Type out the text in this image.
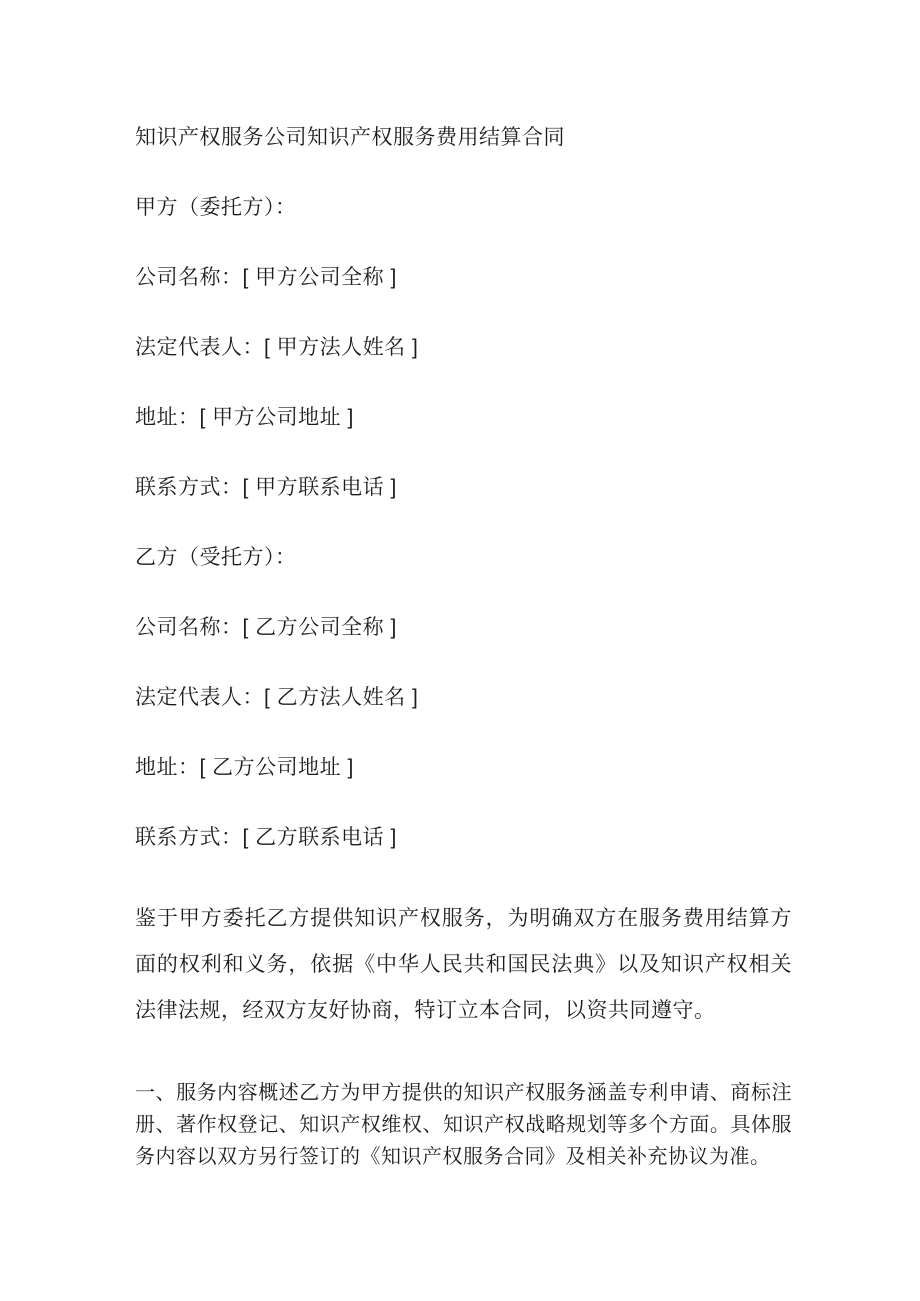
知识产权服务公司知识产权服务费用结算合同

甲方（委托方）：

公司名称：[ 甲方公司全称 ]

法定代表人：[ 甲方法人姓名 ]

地址：[ 甲方公司地址 ]

联系方式：[ 甲方联系电话 ]

乙方（受托方）：

公司名称：[ 乙方公司全称 ]

法定代表人：[ 乙方法人姓名 ]

地址：[ 乙方公司地址 ]

联系方式：[ 乙方联系电话 ]

鉴于甲方委托乙方提供知识产权服务，为明确双方在服务费用结算方面的权利和义务，依据《中华人民共和国民法典》以及知识产权相关法律法规，经双方友好协商，特订立本合同，以资共同遵守。

一、服务内容概述乙方为甲方提供的知识产权服务涵盖专利申请、商标注册、著作权登记、知识产权维权、知识产权战略规划等多个方面。具体服务内容以双方另行签订的《知识产权服务合同》及相关补充协议为准。
